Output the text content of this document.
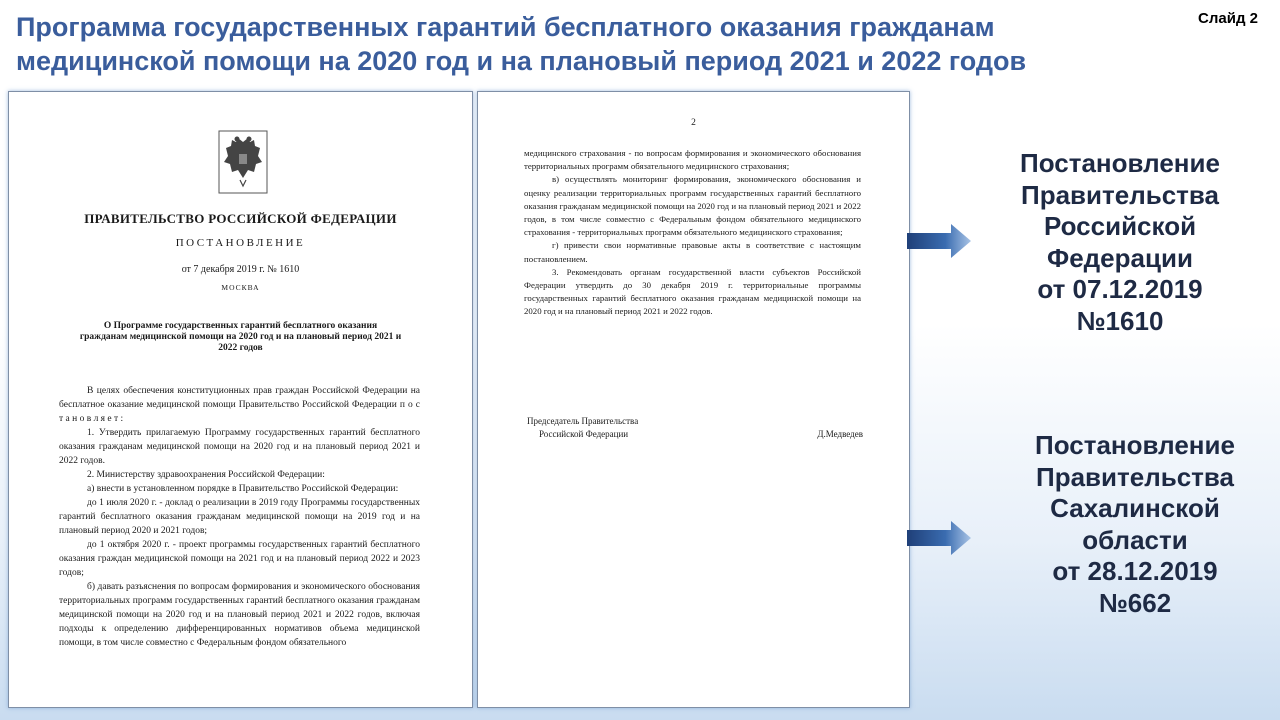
Программа государственных гарантий бесплатного оказания гражданам медицинской помощи на 2020 год и на плановый период 2021 и 2022 годов
Слайд 2
ПРАВИТЕЛЬСТВО РОССИЙСКОЙ ФЕДЕРАЦИИ
ПОСТАНОВЛЕНИЕ
от 7 декабря 2019 г. № 1610
МОСКВА
О Программе государственных гарантий бесплатного оказания гражданам медицинской помощи на 2020 год и на плановый период 2021 и 2022 годов

В целях обеспечения конституционных прав граждан Российской Федерации на бесплатное оказание медицинской помощи Правительство Российской Федерации п о с т а н о в л я е т :

1. Утвердить прилагаемую Программу государственных гарантий бесплатного оказания гражданам медицинской помощи на 2020 год и на плановый период 2021 и 2022 годов.

2. Министерству здравоохранения Российской Федерации:

а) внести в установленном порядке в Правительство Российской Федерации:

до 1 июля 2020 г. - доклад о реализации в 2019 году Программы государственных гарантий бесплатного оказания гражданам медицинской помощи на 2019 год и на плановый период 2020 и 2021 годов;

до 1 октября 2020 г. - проект программы государственных гарантий бесплатного оказания граждан медицинской помощи на 2021 год и на плановый период 2022 и 2023 годов;

б) давать разъяснения по вопросам формирования и экономического обоснования территориальных программ государственных гарантий бесплатного оказания гражданам медицинской помощи на 2020 год и на плановый период 2021 и 2022 годов, включая подходы к определению дифференцированных нормативов объема медицинской помощи, в том числе совместно с Федеральным фондом обязательного

2

медицинского страхования - по вопросам формирования и экономического обоснования территориальных программ обязательного медицинского страхования;

в) осуществлять мониторинг формирования, экономического обоснования и оценку реализации территориальных программ государственных гарантий бесплатного оказания гражданам медицинской помощи на 2020 год и на плановый период 2021 и 2022 годов, в том числе совместно с Федеральным фондом обязательного медицинского страхования - территориальных программ обязательного медицинского страхования;

г) привести свои нормативные правовые акты в соответствие с настоящим постановлением.

3. Рекомендовать органам государственной власти субъектов Российской Федерации утвердить до 30 декабря 2019 г. территориальные программы государственных гарантий бесплатного оказания гражданам медицинской помощи на 2020 год и на плановый период 2021 и 2022 годов.

Председатель Правительства
Российской Федерации	Д.Медведев
Постановление
Правительства
Российской
Федерации
от 07.12.2019
№1610
Постановление
Правительства
Сахалинской
области
от 28.12.2019
№662
